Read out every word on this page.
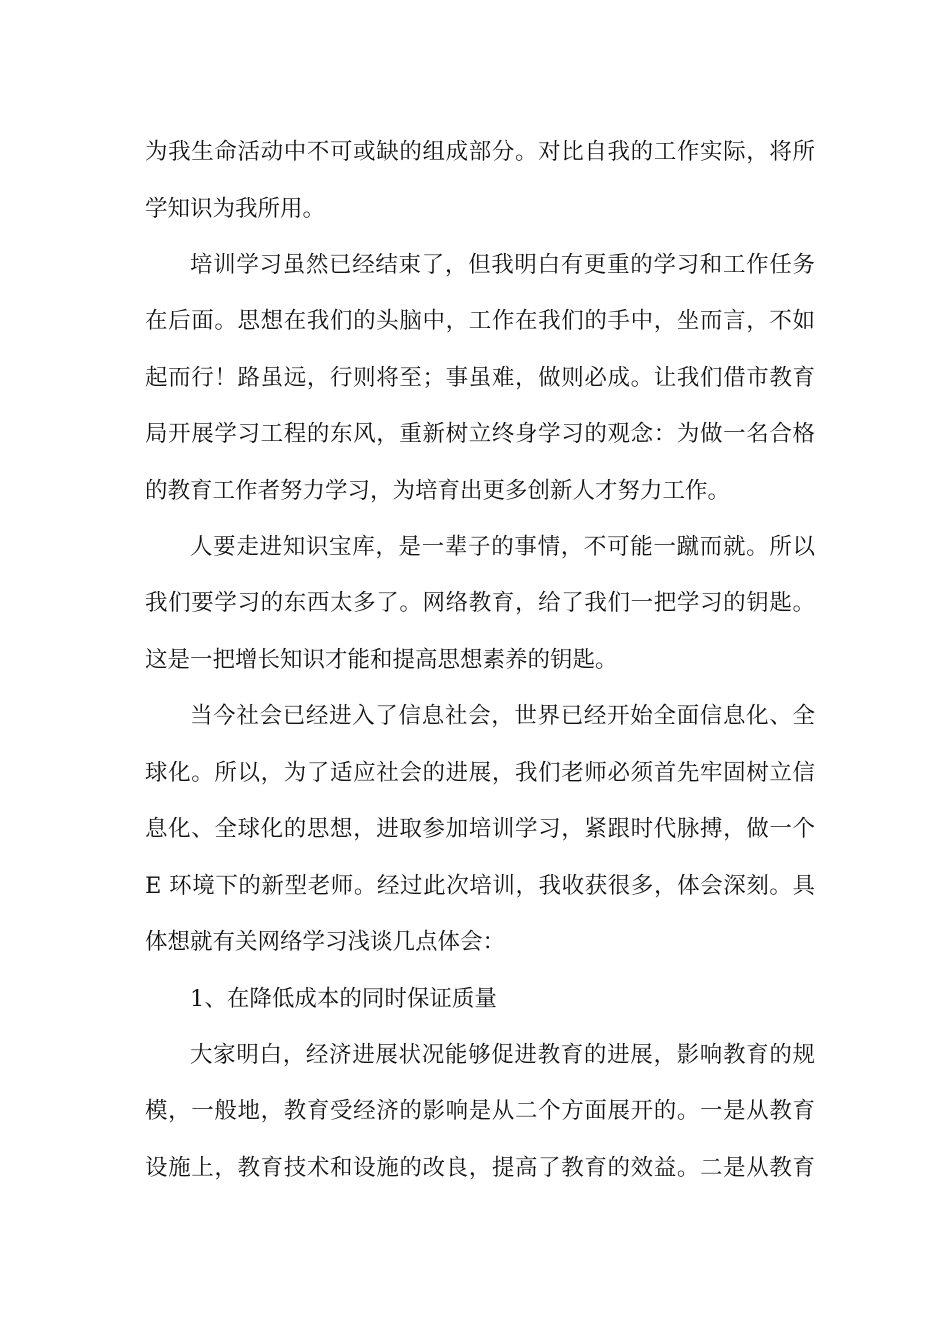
为我生命活动中不可或缺的组成部分。对比自我的工作实际，将所
学知识为我所用。
培训学习虽然已经结束了，但我明白有更重的学习和工作任务
在后面。思想在我们的头脑中，工作在我们的手中，坐而言，不如
起而行！路虽远，行则将至；事虽难，做则必成。让我们借市教育
局开展学习工程的东风，重新树立终身学习的观念：为做一名合格
的教育工作者努力学习，为培育出更多创新人才努力工作。
人要走进知识宝库，是一辈子的事情，不可能一蹴而就。所以
我们要学习的东西太多了。网络教育，给了我们一把学习的钥匙。
这是一把增长知识才能和提高思想素养的钥匙。
当今社会已经进入了信息社会，世界已经开始全面信息化、全
球化。所以，为了适应社会的进展，我们老师必须首先牢固树立信
息化、全球化的思想，进取参加培训学习，紧跟时代脉搏，做一个
E 环境下的新型老师。经过此次培训，我收获很多，体会深刻。具
体想就有关网络学习浅谈几点体会：
1、在降低成本的同时保证质量
大家明白，经济进展状况能够促进教育的进展，影响教育的规
模，一般地，教育受经济的影响是从二个方面展开的。一是从教育
设施上，教育技术和设施的改良，提高了教育的效益。二是从教育
